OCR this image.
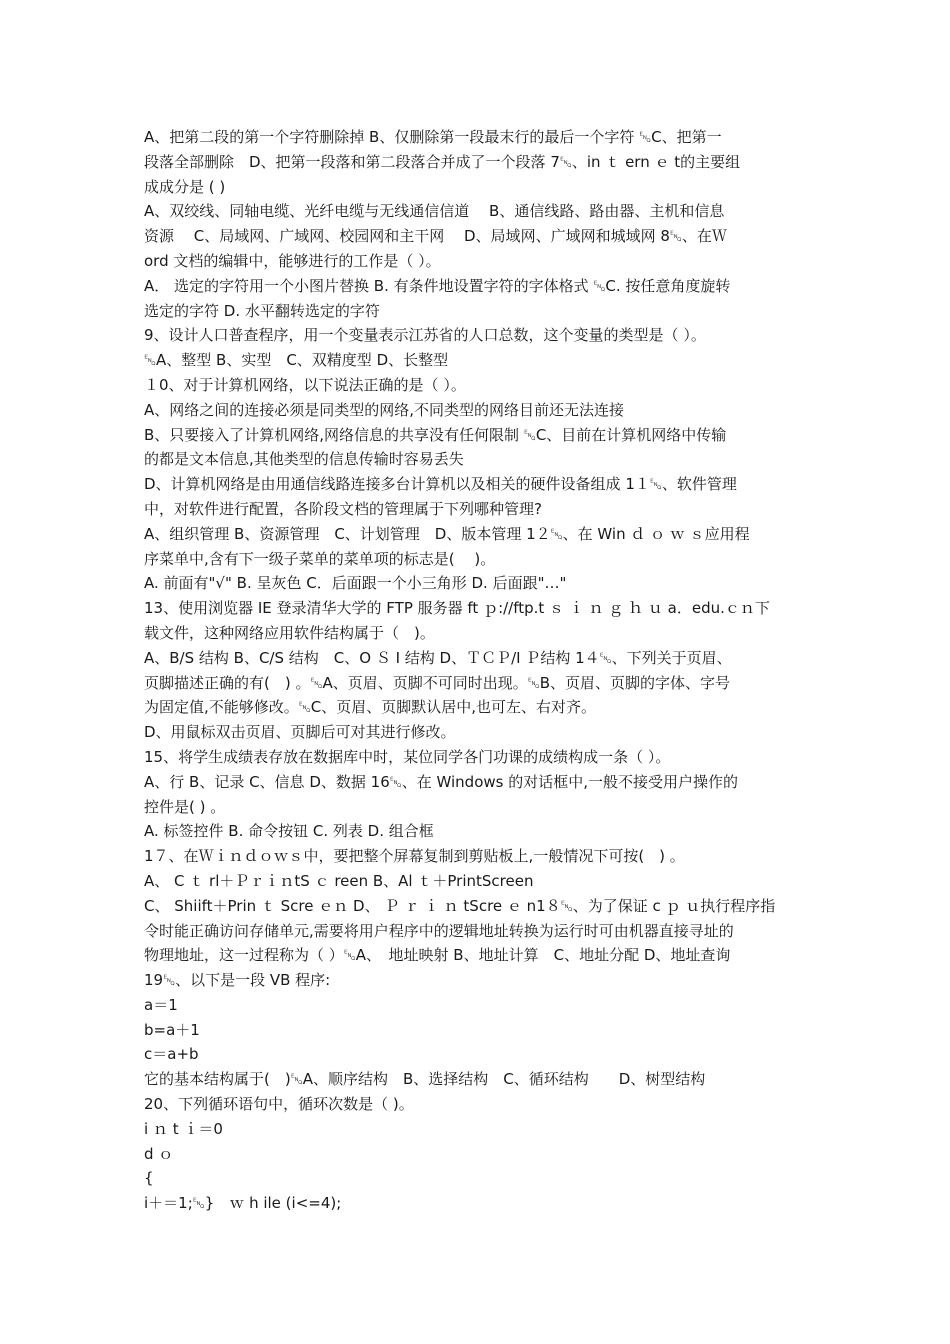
A、把第二段的第一个字符删除掉 B、仅删除第一段最末行的最后一个字符 ␅C、把第一
段落全部删除　D、把第一段落和第二段落合并成了一个段落 7␅、in ｔ ern ｅ t的主要组
成成分是 ( )
A、双绞线、同轴电缆、光纤电缆与无线通信信道　 B、通信线路、路由器、主机和信息
资源　 C、局域网、广域网、校园网和主干网　 D、局域网、广域网和城域网 8␅、在Ｗ
ord 文档的编辑中，能够进行的工作是（ ）。
A． 选定的字符用一个小图片替换 B. 有条件地设置字符的字体格式 ␅C. 按任意角度旋转
选定的字符 D. 水平翻转选定的字符
9、设计人口普查程序，用一个变量表示江苏省的人口总数，这个变量的类型是（ ）。
␅A、整型 B、实型　C、双精度型 D、长整型
１0、对于计算机网络，以下说法正确的是（ ）。
A、网络之间的连接必须是同类型的网络,不同类型的网络目前还无法连接
B、只要接入了计算机网络,网络信息的共享没有任何限制 ␅C、目前在计算机网络中传输
的都是文本信息,其他类型的信息传输时容易丢失
D、计算机网络是由用通信线路连接多台计算机以及相关的硬件设备组成 1１␅、软件管理
中，对软件进行配置，各阶段文档的管理属于下列哪种管理?
A、组织管理 B、资源管理　C、计划管理　D、版本管理 1２␅、在 Win ｄ ｏ ｗ ｓ应用程
序菜单中,含有下一级子菜单的菜单项的标志是(　 )。
A. 前面有"√" B. 呈灰色 C．后面跟一个小三角形 D. 后面跟"…"
13、使用浏览器 IE 登录清华大学的 FTP 服务器 ft ｐ://ftp.t ｓ ｉ ｎ ｇ ｈ ｕ a．edu.ｃｎ下
载文件，这种网络应用软件结构属于（　)。
A、B/S 结构 B、C/S 结构　C、O Ｓ I 结构 D、ＴＣＰ/I Ｐ结构 1４␅、下列关于页眉、
页脚描述正确的有(　) 。␅A、页眉、页脚不可同时出现。␅B、页眉、页脚的字体、字号
为固定值,不能够修改。␅C、页眉、页脚默认居中,也可左、右对齐。
D、用鼠标双击页眉、页脚后可对其进行修改。
15、将学生成绩表存放在数据库中时，某位同学各门功课的成绩构成一条（ ）。
A、行 B、记录 C、信息 D、数据 16␅、在 Windows 的对话框中,一般不接受用户操作的
控件是( ) 。
A. 标签控件 B. 命令按钮 C. 列表 D. 组合框
1７、在Ｗｉｎｄｏｗｓ中，要把整个屏幕复制到剪贴板上,一般情况下可按(　) 。
A、 C ｔ rl＋ＰｒｉｎtS ｃ reen B、Al ｔ＋PrintScreen
C、 Shiift＋Prin ｔ Scre ｅｎ D、 Ｐ ｒ ｉ ｎ tScre ｅ n1８␅、为了保证 c ｐ ｕ执行程序指
令时能正确访问存储单元,需要将用户程序中的逻辑地址转换为运行时可由机器直接寻址的
物理地址，这一过程称为（ ）␅A、　地址映射 B、地址计算　C、地址分配 D、地址查询
19␅、以下是一段 VB 程序:
a＝1
b=a＋1
c＝a+b
它的基本结构属于(　)␅A、顺序结构　B、选择结构　C、循环结构　　D、树型结构
20、下列循环语句中，循环次数是（ )。
i ｎ t ｉ＝0
d ｏ
{
i＋＝1;␅}　ｗ h ile (i<=4);
